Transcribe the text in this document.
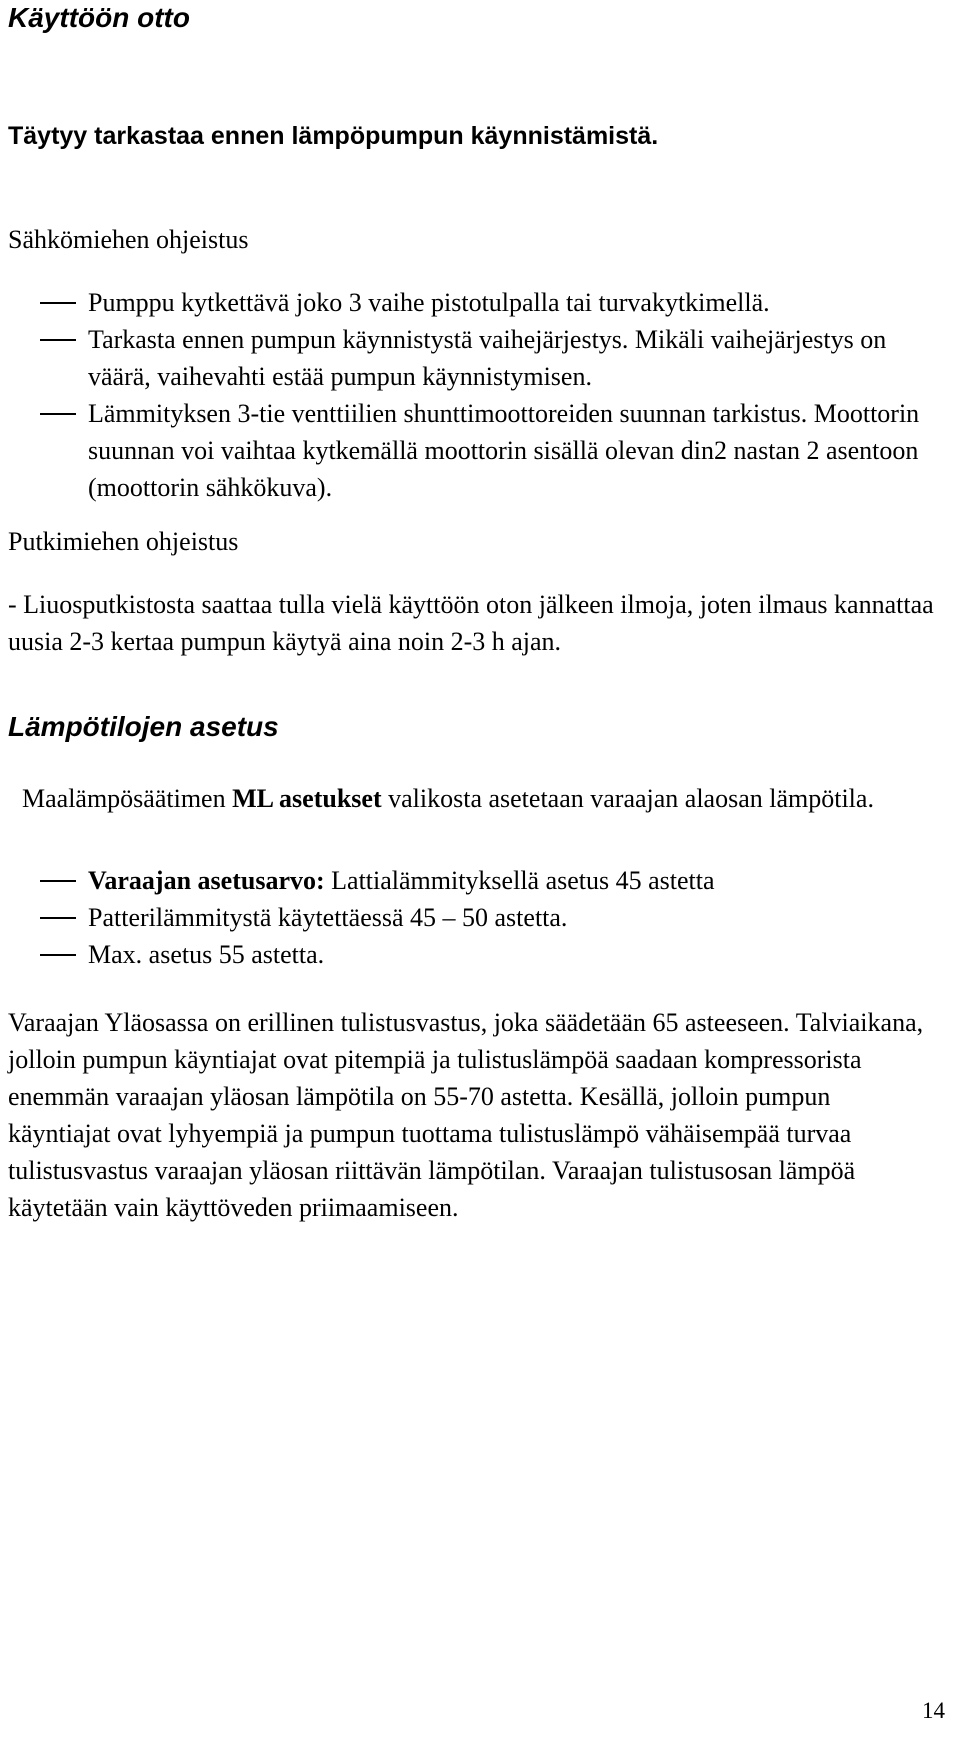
Käyttöön otto
Täytyy tarkastaa ennen lämpöpumpun käynnistämistä.
Sähkömiehen ohjeistus
Pumppu kytkettävä joko 3 vaihe pistotulpalla tai turvakytkimellä.
Tarkasta ennen pumpun käynnistystä vaihejärjestys. Mikäli vaihejärjestys on väärä, vaihevahti estää pumpun käynnistymisen.
Lämmityksen 3-tie venttiilien shunttimoottoreiden suunnan tarkistus. Moottorin suunnan voi vaihtaa kytkemällä moottorin sisällä olevan din2 nastan 2 asentoon (moottorin sähkökuva).
Putkimiehen ohjeistus
- Liuosputkistosta saattaa tulla vielä käyttöön oton jälkeen ilmoja, joten ilmaus kannattaa uusia 2-3 kertaa pumpun käytyä aina noin 2-3 h ajan.
Lämpötilojen asetus
Maalämpösäätimen ML asetukset valikosta asetetaan varaajan alaosan lämpötila.
Varaajan asetusarvo: Lattialämmityksellä asetus 45 astetta
Patterilämmitystä käytettäessä 45 – 50 astetta.
Max. asetus 55 astetta.
Varaajan Yläosassa on erillinen tulistusvastus, joka säädetään 65 asteeseen. Talviaikana, jolloin pumpun käyntiajat ovat pitempiä ja tulistuslämpöä saadaan kompressorista enemmän varaajan yläosan lämpötila on 55-70 astetta. Kesällä, jolloin pumpun käyntiajat ovat lyhyempiä ja pumpun tuottama tulistuslämpö vähäisempää turvaa tulistusvastus varaajan yläosan riittävän lämpötilan. Varaajan tulistusosan lämpöä käytetään vain käyttöveden priimaamiseen.
14
